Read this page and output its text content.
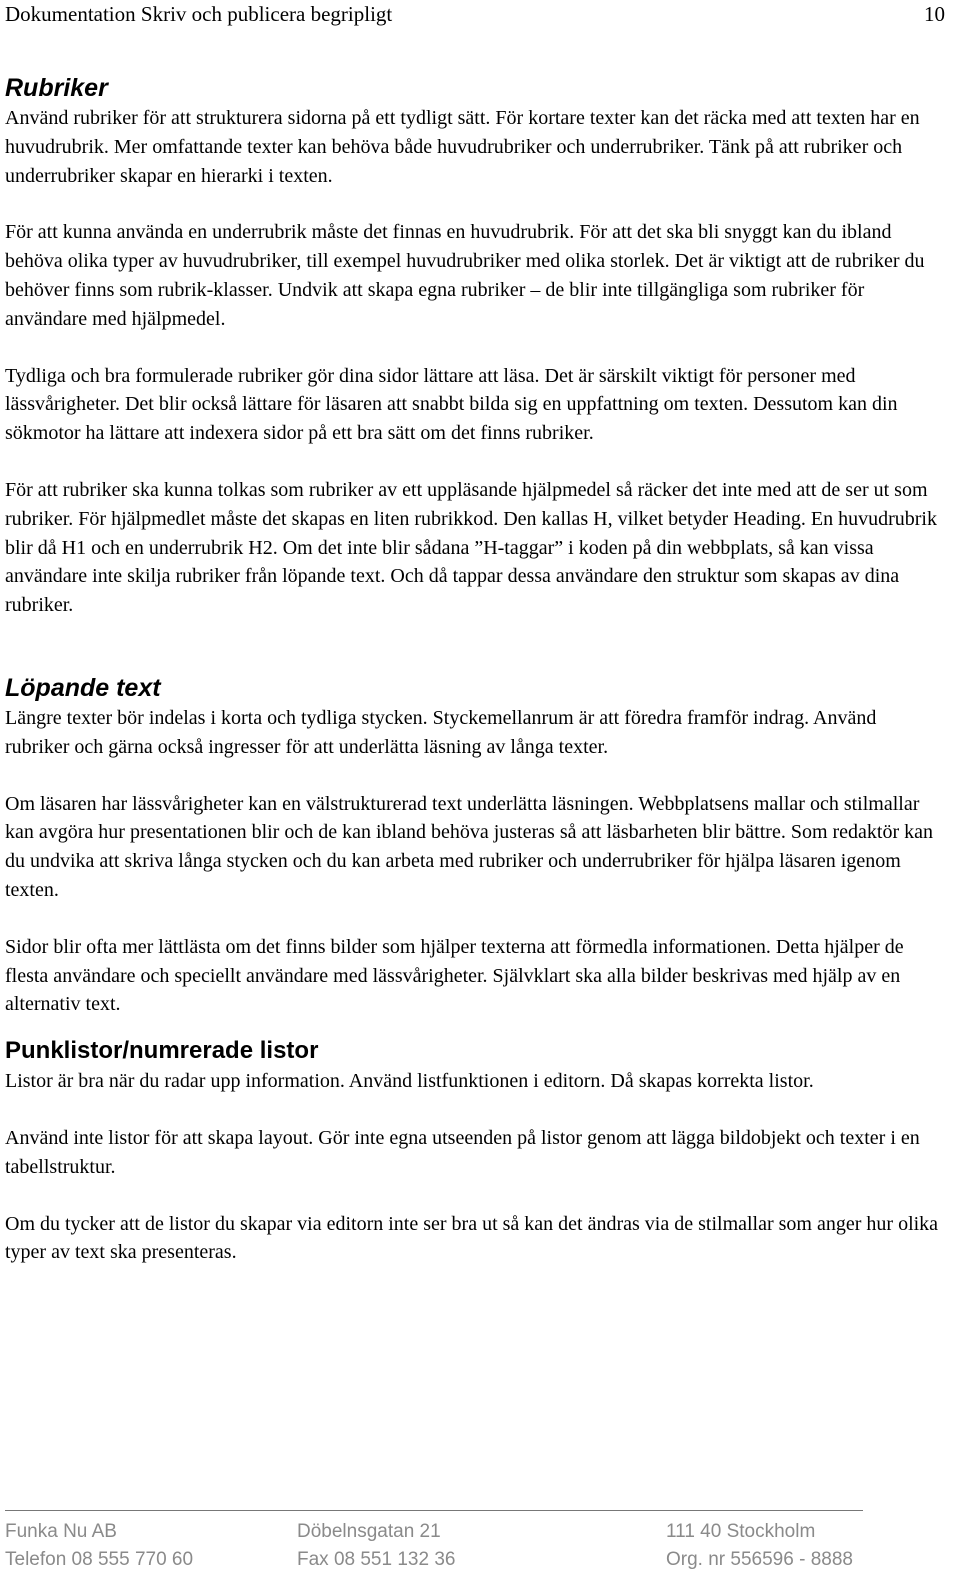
Dokumentation Skriv och publicera begripligt	10
Rubriker

Använd rubriker för att strukturera sidorna på ett tydligt sätt. För kortare texter kan det räcka med att texten har en huvudrubrik. Mer omfattande texter kan behöva både huvudrubriker och underrubriker. Tänk på att rubriker och underrubriker skapar en hierarki i texten.

För att kunna använda en underrubrik måste det finnas en huvudrubrik. För att det ska bli snyggt kan du ibland behöva olika typer av huvudrubriker, till exempel huvudrubriker med olika storlek. Det är viktigt att de rubriker du behöver finns som rubrik-klasser. Undvik att skapa egna rubriker – de blir inte tillgängliga som rubriker för användare med hjälpmedel.

Tydliga och bra formulerade rubriker gör dina sidor lättare att läsa. Det är särskilt viktigt för personer med lässvårigheter. Det blir också lättare för läsaren att snabbt bilda sig en uppfattning om texten. Dessutom kan din sökmotor ha lättare att indexera sidor på ett bra sätt om det finns rubriker.

För att rubriker ska kunna tolkas som rubriker av ett uppläsande hjälpmedel så räcker det inte med att de ser ut som rubriker. För hjälpmedlet måste det skapas en liten rubrikkod. Den kallas H, vilket betyder Heading. En huvudrubrik blir då H1 och en underrubrik H2. Om det inte blir sådana ”H-taggar” i koden på din webbplats, så kan vissa användare inte skilja rubriker från löpande text. Och då tappar dessa användare den struktur som skapas av dina rubriker.

Löpande text

Längre texter bör indelas i korta och tydliga stycken. Styckemellanrum är att föredra framför indrag. Använd rubriker och gärna också ingresser för att underlätta läsning av långa texter.

Om läsaren har lässvårigheter kan en välstrukturerad text underlätta läsningen. Webbplatsens mallar och stilmallar kan avgöra hur presentationen blir och de kan ibland behöva justeras så att läsbarheten blir bättre. Som redaktör kan du undvika att skriva långa stycken och du kan arbeta med rubriker och underrubriker för hjälpa läsaren igenom texten.

Sidor blir ofta mer lättlästa om det finns bilder som hjälper texterna att förmedla informationen. Detta hjälper de flesta användare och speciellt användare med lässvårigheter. Självklart ska alla bilder beskrivas med hjälp av en alternativ text.

Punklistor/numrerade listor

Listor är bra när du radar upp information. Använd listfunktionen i editorn. Då skapas korrekta listor.

Använd inte listor för att skapa layout. Gör inte egna utseenden på listor genom att lägga bildobjekt och texter i en tabellstruktur.

Om du tycker att de listor du skapar via editorn inte ser bra ut så kan det ändras via de stilmallar som anger hur olika typer av text ska presenteras.

Funka Nu AB
Telefon 08 555 770 60
Döbelnsgatan 21
Fax 08 551 132 36
111 40 Stockholm
Org. nr 556596 - 8888
